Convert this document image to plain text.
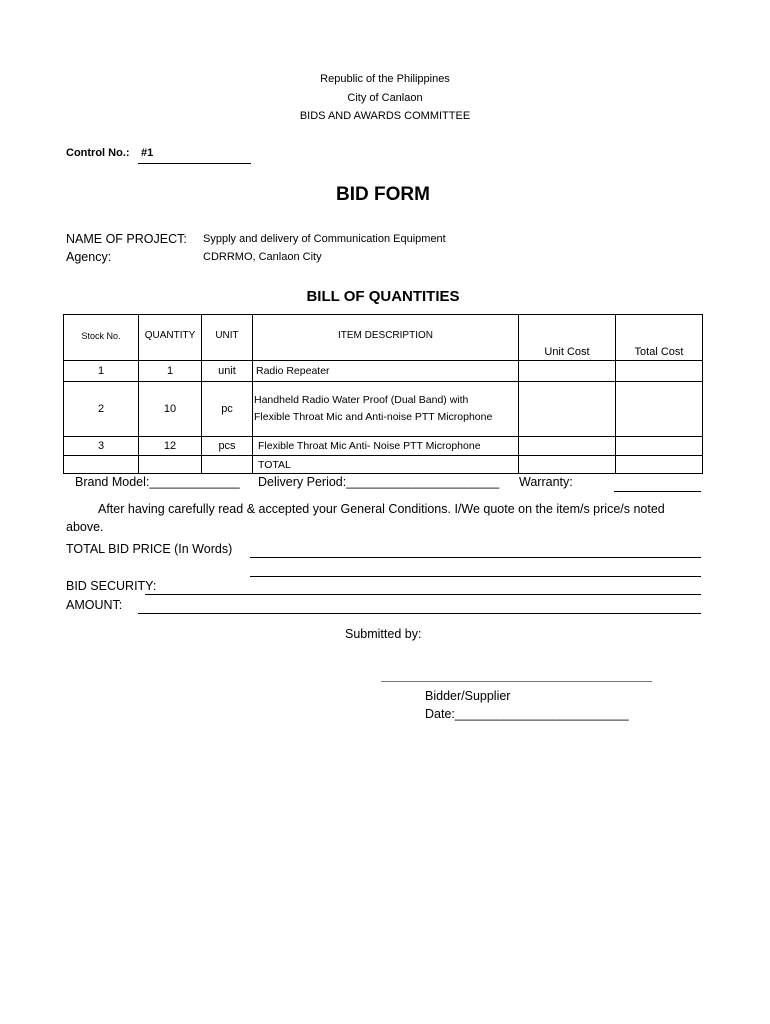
Republic of the Philippines
City of Canlaon
BIDS AND AWARDS COMMITTEE
Control No.: #1
BID FORM
NAME OF PROJECT: Sypply and delivery of Communication Equipment
Agency:	CDRRMO, Canlaon City
BILL OF QUANTITIES
Stock No.	QUANTITY	UNIT	ITEM DESCRIPTION	Unit Cost	Total Cost
1	1	unit	Radio Repeater		
2	10	pc	Handheld Radio Water Proof (Dual Band) with
Flexible Throat Mic and Anti-noise PTT Microphone		

3	12	pcs	Flexible Throat Mic Anti- Noise PTT Microphone		
			TOTAL		
Brand Model:_____________ Delivery Period:______________________ Warranty:
After having carefully read & accepted your General Conditions. I/We quote on the item/s price/s noted
above.
TOTAL BID PRICE (In Words)
BID SECURITY:
AMOUNT:
Submitted by:
Bidder/Supplier
Date:_________________________
